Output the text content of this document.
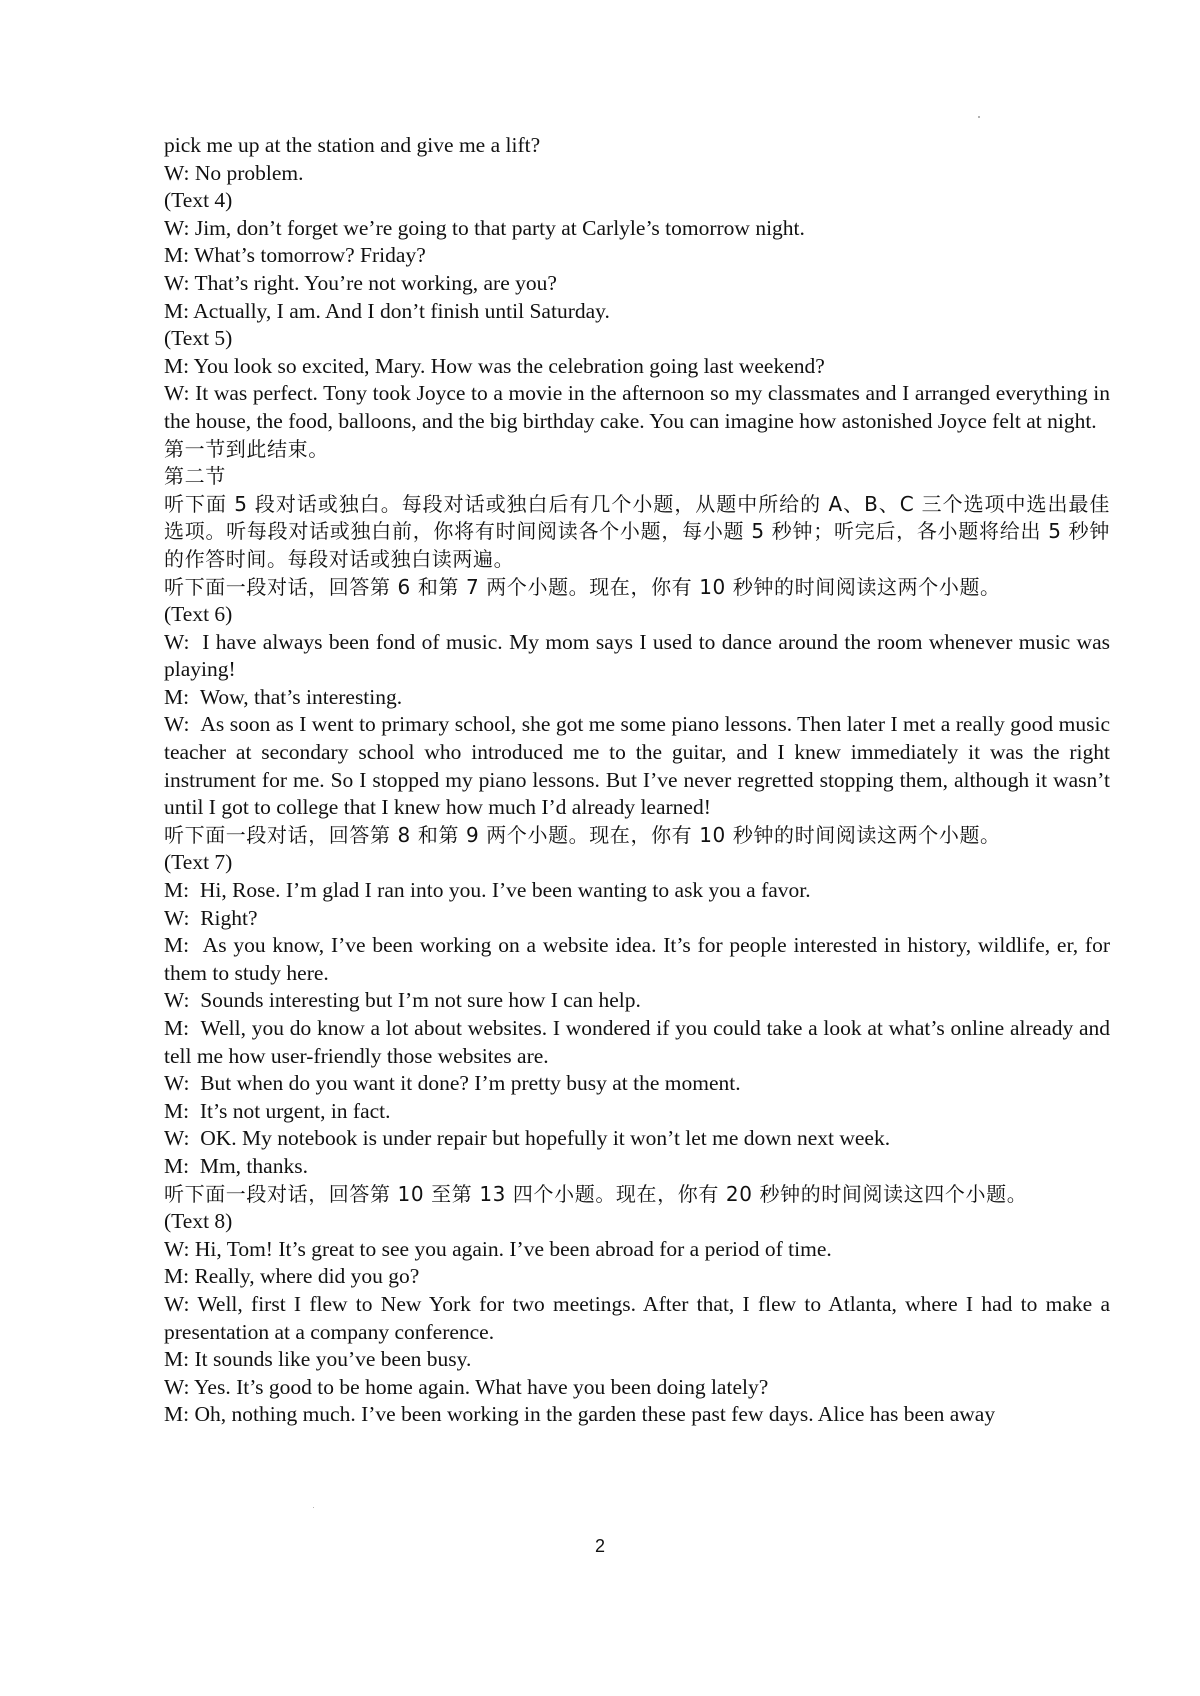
pick me up at the station and give me a lift?

W: No problem.

(Text 4)

W: Jim, don’t forget we’re going to that party at Carlyle’s tomorrow night.

M: What’s tomorrow? Friday?

W: That’s right. You’re not working, are you?

M: Actually, I am. And I don’t finish until Saturday.

(Text 5)

M: You look so excited, Mary. How was the celebration going last weekend?

W: It was perfect. Tony took Joyce to a movie in the afternoon so my classmates and I arranged everything in the house, the food, balloons, and the big birthday cake. You can imagine how astonished Joyce felt at night.

第一节到此结束。

第二节

听下面 5 段对话或独白。每段对话或独白后有几个小题，从题中所给的 A、B、C 三个选项中选出最佳选项。听每段对话或独白前，你将有时间阅读各个小题，每小题 5 秒钟；听完后，各小题将给出 5 秒钟的作答时间。每段对话或独白读两遍。

听下面一段对话，回答第 6 和第 7 两个小题。现在，你有 10 秒钟的时间阅读这两个小题。

(Text 6)

W:  I have always been fond of music. My mom says I used to dance around the room whenever music was playing!

M:  Wow, that’s interesting.

W:  As soon as I went to primary school, she got me some piano lessons. Then later I met a really good music teacher at secondary school who introduced me to the guitar, and I knew immediately it was the right instrument for me. So I stopped my piano lessons. But I’ve never regretted stopping them, although it wasn’t until I got to college that I knew how much I’d already learned!

听下面一段对话，回答第 8 和第 9 两个小题。现在，你有 10 秒钟的时间阅读这两个小题。

(Text 7)

M:  Hi, Rose. I’m glad I ran into you. I’ve been wanting to ask you a favor.

W:  Right?

M:  As you know, I’ve been working on a website idea. It’s for people interested in history, wildlife, er, for them to study here.

W:  Sounds interesting but I’m not sure how I can help.

M:  Well, you do know a lot about websites. I wondered if you could take a look at what’s online already and tell me how user-friendly those websites are.

W:  But when do you want it done? I’m pretty busy at the moment.

M:  It’s not urgent, in fact.

W:  OK. My notebook is under repair but hopefully it won’t let me down next week.

M:  Mm, thanks.

听下面一段对话，回答第 10 至第 13 四个小题。现在，你有 20 秒钟的时间阅读这四个小题。

(Text 8)

W: Hi, Tom! It’s great to see you again. I’ve been abroad for a period of time.

M: Really, where did you go?

W: Well, first I flew to New York for two meetings. After that, I flew to Atlanta, where I had to make a presentation at a company conference.

M: It sounds like you’ve been busy.

W: Yes. It’s good to be home again. What have you been doing lately?

M: Oh, nothing much. I’ve been working in the garden these past few days. Alice has been away

2
